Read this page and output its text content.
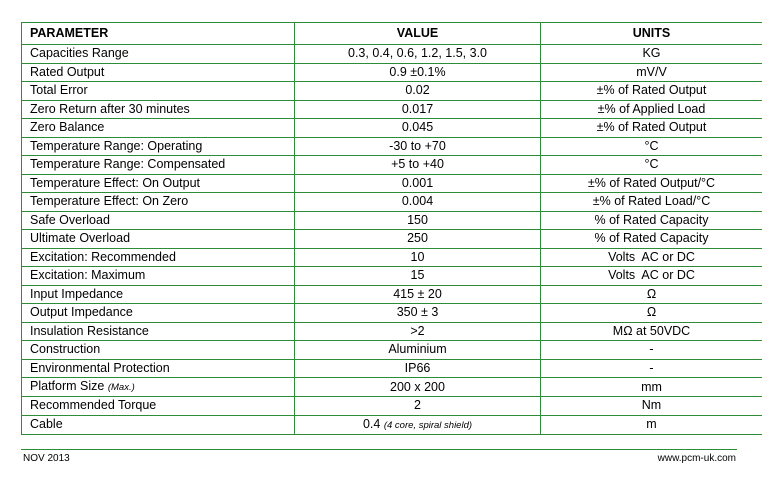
PARAMETER	VALUE	UNITS
Capacities Range	0.3, 0.4, 0.6, 1.2, 1.5, 3.0	KG
Rated Output	0.9 ±0.1%	mV/V
Total Error	0.02	±% of Rated Output
Zero Return after 30 minutes	0.017	±% of Applied Load
Zero Balance	0.045	±% of Rated Output
Temperature Range: Operating	-30 to +70	°C
Temperature Range: Compensated	+5 to +40	°C
Temperature Effect: On Output	0.001	±% of Rated Output/°C
Temperature Effect: On Zero	0.004	±% of Rated Load/°C
Safe Overload	150	% of Rated Capacity
Ultimate Overload	250	% of Rated Capacity
Excitation: Recommended	10	Volts  AC or DC
Excitation: Maximum	15	Volts  AC or DC
Input Impedance	415 ± 20	Ω
Output Impedance	350 ± 3	Ω
Insulation Resistance	>2	MΩ at 50VDC
Construction	Aluminium	-
Environmental Protection	IP66	-
Platform Size (Max.)	200 x 200	mm
Recommended Torque	2	Nm
Cable	0.4 (4 core, spiral shield)	m
NOV 2013	www.pcm-uk.com
